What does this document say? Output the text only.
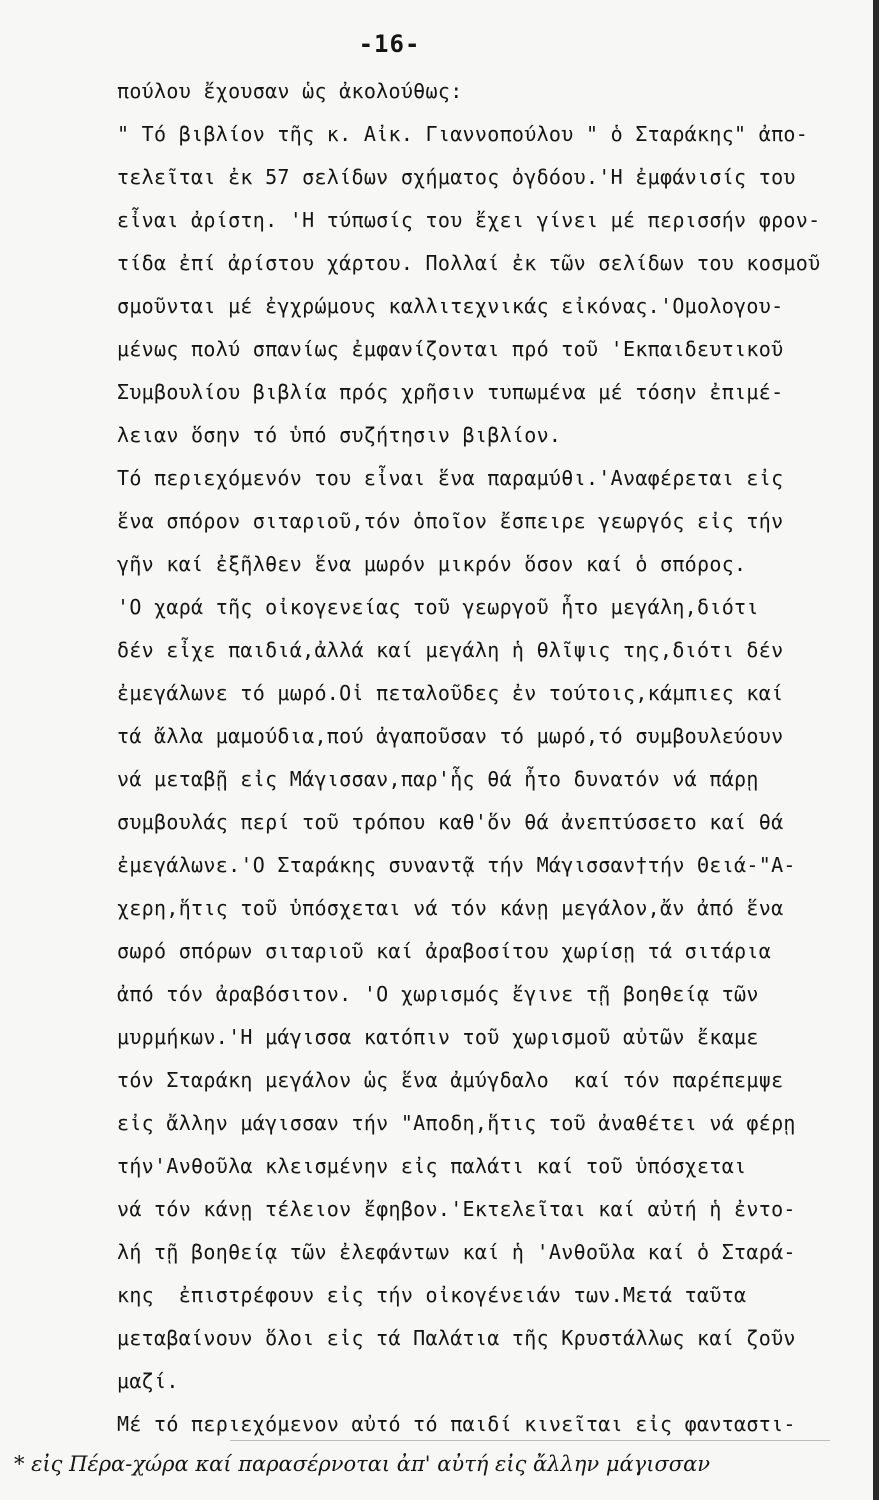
-16-
πούλου ἔχουσαν ὡς ἀκολούθως:
" Τό βιβλίον τῆς κ. Αἰκ. Γιαννοπούλου " ὁ Σταράκης" ἀπο-
τελεῖται ἐκ 57 σελίδων σχήματος ὀγδόου.'Η ἐμφάνισίς του
εἶναι ἀρίστη. 'Η τύπωσίς του ἔχει γίνει μέ περισσήν φρον-
τίδα ἐπί ἀρίστου χάρτου. Πολλαί ἐκ τῶν σελίδων του κοσμοῦ
σμοῦνται μέ ἐγχρώμους καλλιτεχνικάς εἰκόνας.'Ομολογου-
μένως πολύ σπανίως ἐμφανίζονται πρό τοῦ 'Εκπαιδευτικοῦ
Συμβουλίου βιβλία πρός χρῆσιν τυπωμένα μέ τόσην ἐπιμέ-
λειαν ὅσην τό ὑπό συζήτησιν βιβλίον.
Τό περιεχόμενόν του εἶναι ἕνα παραμύθι.'Αναφέρεται εἰς
ἕνα σπόρον σιταριοῦ,τόν ὁποῖον ἔσπειρε γεωργός εἰς τήν
γῆν καί ἐξῆλθεν ἕνα μωρόν μικρόν ὅσον καί ὁ σπόρος.
'Ο χαρά τῆς οἰκογενείας τοῦ γεωργοῦ ἦτο μεγάλη,διότι
δέν εἶχε παιδιά,ἀλλά καί μεγάλη ἡ θλῖψις της,διότι δέν
ἐμεγάλωνε τό μωρό.Οἱ πεταλοῦδες ἐν τούτοις,κάμπιες καί
τά ἄλλα μαμούδια,πού ἀγαποῦσαν τό μωρό,τό συμβουλεύουν
νά μεταβῇ εἰς Μάγισσαν,παρ'ἧς θά ἦτο δυνατόν νά πάρῃ
συμβουλάς περί τοῦ τρόπου καθ'ὅν θά ἀνεπτύσσετο καί θά
ἐμεγάλωνε.'Ο Σταράκης συναντᾷ τήν Μάγισσαν†τήν Θειά-"Α-
χερη,ἥτις τοῦ ὑπόσχεται νά τόν κάνῃ μεγάλον,ἄν ἀπό ἕνα
σωρό σπόρων σιταριοῦ καί ἀραβοσίτου χωρίσῃ τά σιτάρια
ἀπό τόν ἀραβόσιτον. 'Ο χωρισμός ἔγινε τῇ βοηθείᾳ τῶν
μυρμήκων.'Η μάγισσα κατόπιν τοῦ χωρισμοῦ αὐτῶν ἔκαμε
τόν Σταράκη μεγάλον ὡς ἕνα ἀμύγδαλο  καί τόν παρέπεμψε
εἰς ἄλλην μάγισσαν τήν "Αποδη,ἥτις τοῦ ἀναθέτει νά φέρῃ
τήν'Ανθοῦλα κλεισμένην εἰς παλάτι καί τοῦ ὑπόσχεται
νά τόν κάνῃ τέλειον ἔφηβον.'Εκτελεῖται καί αὐτή ἡ ἐντο-
λή τῇ βοηθείᾳ τῶν ἐλεφάντων καί ἡ 'Ανθοῦλα καί ὁ Σταρά-
κης  ἐπιστρέφουν εἰς τήν οἰκογένειάν των.Μετά ταῦτα
μεταβαίνουν ὅλοι εἰς τά Παλάτια τῆς Κρυστάλλως καί ζοῦν
μαζί.
Μέ τό περιεχόμενον αὐτό τό παιδί κινεῖται εἰς φανταστι-
* εἰς Πέρα-χώρα καί παρασέρνοται ἀπ' αὐτή εἰς ἄλλην μάγισσαν
